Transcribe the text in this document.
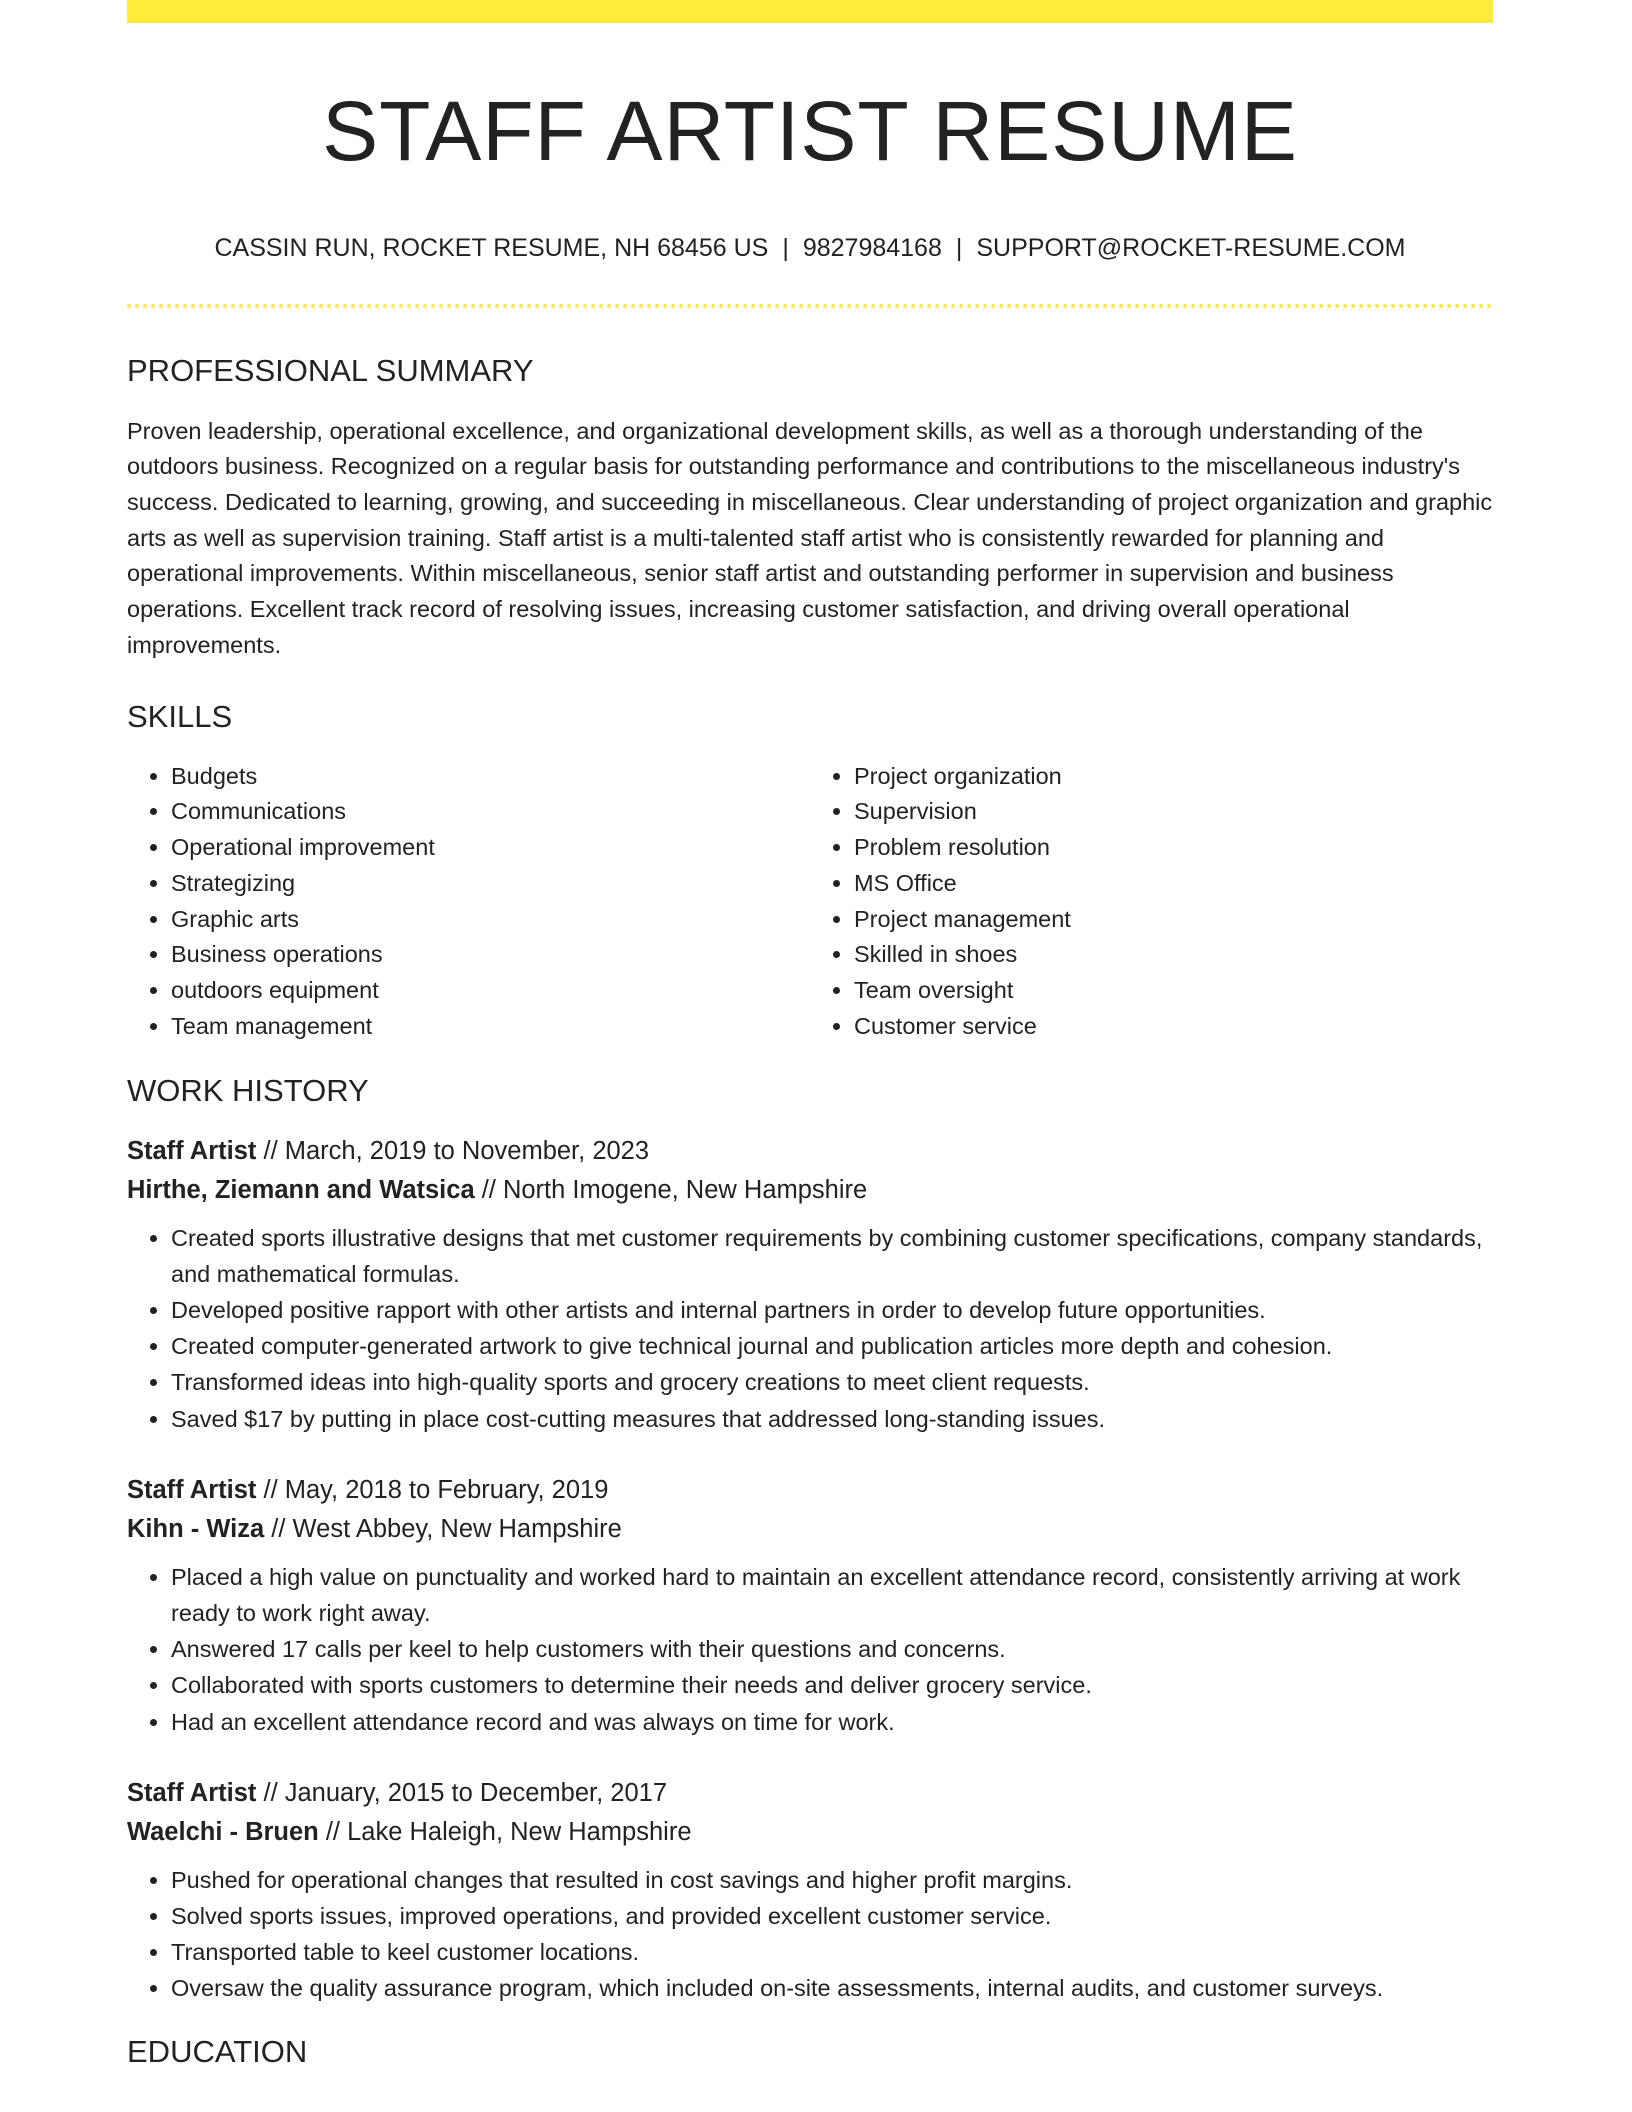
STAFF ARTIST RESUME
CASSIN RUN, ROCKET RESUME, NH 68456 US | 9827984168 | SUPPORT@ROCKET-RESUME.COM
PROFESSIONAL SUMMARY
Proven leadership, operational excellence, and organizational development skills, as well as a thorough understanding of the outdoors business. Recognized on a regular basis for outstanding performance and contributions to the miscellaneous industry's success. Dedicated to learning, growing, and succeeding in miscellaneous. Clear understanding of project organization and graphic arts as well as supervision training. Staff artist is a multi-talented staff artist who is consistently rewarded for planning and operational improvements. Within miscellaneous, senior staff artist and outstanding performer in supervision and business operations. Excellent track record of resolving issues, increasing customer satisfaction, and driving overall operational improvements.
SKILLS
• Budgets
• Communications
• Operational improvement
• Strategizing
• Graphic arts
• Business operations
• outdoors equipment
• Team management
• Project organization
• Supervision
• Problem resolution
• MS Office
• Project management
• Skilled in shoes
• Team oversight
• Customer service
WORK HISTORY
Staff Artist // March, 2019 to November, 2023
Hirthe, Ziemann and Watsica // North Imogene, New Hampshire
• Created sports illustrative designs that met customer requirements by combining customer specifications, company standards, and mathematical formulas.
• Developed positive rapport with other artists and internal partners in order to develop future opportunities.
• Created computer-generated artwork to give technical journal and publication articles more depth and cohesion.
• Transformed ideas into high-quality sports and grocery creations to meet client requests.
• Saved $17 by putting in place cost-cutting measures that addressed long-standing issues.
Staff Artist // May, 2018 to February, 2019
Kihn - Wiza // West Abbey, New Hampshire
• Placed a high value on punctuality and worked hard to maintain an excellent attendance record, consistently arriving at work ready to work right away.
• Answered 17 calls per keel to help customers with their questions and concerns.
• Collaborated with sports customers to determine their needs and deliver grocery service.
• Had an excellent attendance record and was always on time for work.
Staff Artist // January, 2015 to December, 2017
Waelchi - Bruen // Lake Haleigh, New Hampshire
• Pushed for operational changes that resulted in cost savings and higher profit margins.
• Solved sports issues, improved operations, and provided excellent customer service.
• Transported table to keel customer locations.
• Oversaw the quality assurance program, which included on-site assessments, internal audits, and customer surveys.
EDUCATION
